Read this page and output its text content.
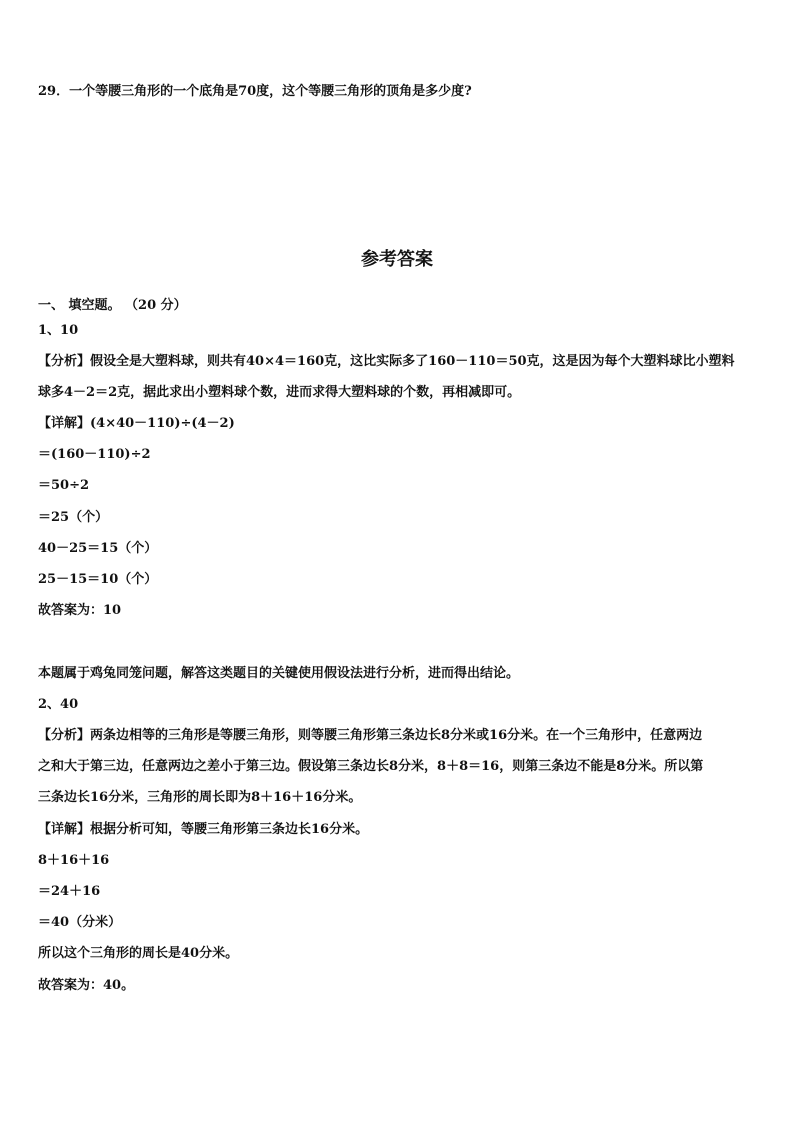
29．一个等腰三角形的一个底角是70度，这个等腰三角形的顶角是多少度?
参考答案
一、 填空题。 （20 分）
1、10
【分析】假设全是大塑料球，则共有40×4＝160克，这比实际多了160－110＝50克，这是因为每个大塑料球比小塑料
球多4－2＝2克，据此求出小塑料球个数，进而求得大塑料球的个数，再相减即可。
【详解】(4×40－110)÷(4－2)
＝(160－110)÷2
＝50÷2
＝25（个）
40－25＝15（个）
25－15＝10（个）
故答案为：10
本题属于鸡兔同笼问题，解答这类题目的关键使用假设法进行分析，进而得出结论。
2、40
【分析】两条边相等的三角形是等腰三角形，则等腰三角形第三条边长8分米或16分米。在一个三角形中，任意两边
之和大于第三边，任意两边之差小于第三边。假设第三条边长8分米，8＋8＝16，则第三条边不能是8分米。所以第
三条边长16分米，三角形的周长即为8＋16＋16分米。
【详解】根据分析可知，等腰三角形第三条边长16分米。
8＋16＋16
＝24＋16
＝40（分米）
所以这个三角形的周长是40分米。
故答案为：40。
